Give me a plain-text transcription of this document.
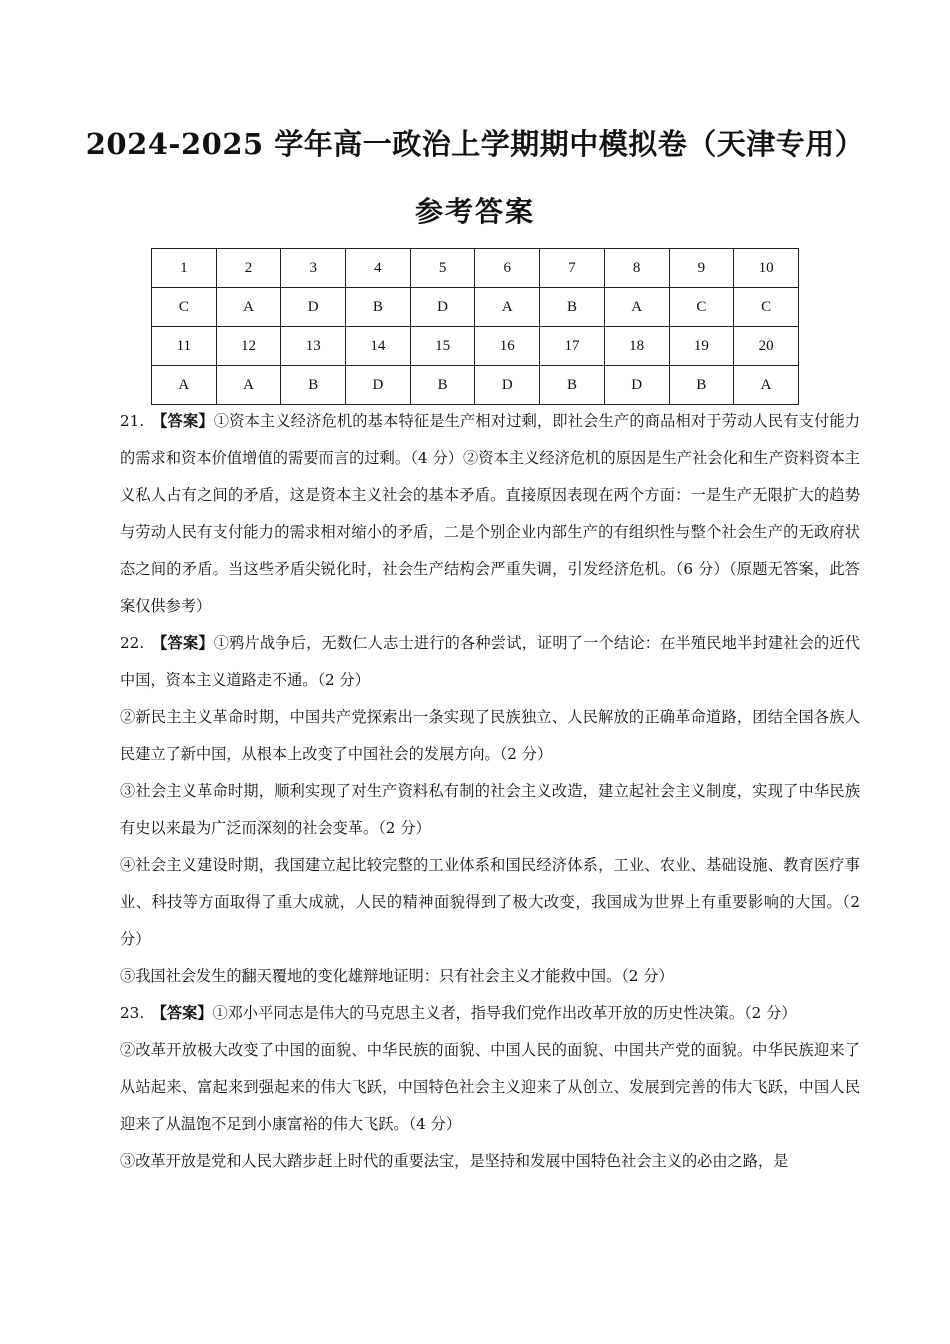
2024-2025 学年高一政治上学期期中模拟卷（天津专用）
参考答案
1	2	3	4	5	6	7	8	9	10
C	A	D	B	D	A	B	A	C	C
11	12	13	14	15	16	17	18	19	20
A	A	B	D	B	D	B	D	B	A

21.　【答案】①资本主义经济危机的基本特征是生产相对过剩，即社会生产的商品相对于劳动人民有支付能力的需求和资本价值增值的需要而言的过剩。（4 分）②资本主义经济危机的原因是生产社会化和生产资料资本主义私人占有之间的矛盾，这是资本主义社会的基本矛盾。直接原因表现在两个方面：一是生产无限扩大的趋势与劳动人民有支付能力的需求相对缩小的矛盾，二是个别企业内部生产的有组织性与整个社会生产的无政府状态之间的矛盾。当这些矛盾尖锐化时，社会生产结构会严重失调，引发经济危机。（6 分）（原题无答案，此答案仅供参考）

22.　【答案】①鸦片战争后，无数仁人志士进行的各种尝试，证明了一个结论：在半殖民地半封建社会的近代中国，资本主义道路走不通。（2 分）

②新民主主义革命时期，中国共产党探索出一条实现了民族独立、人民解放的正确革命道路，团结全国各族人民建立了新中国，从根本上改变了中国社会的发展方向。（2 分）

③社会主义革命时期，顺利实现了对生产资料私有制的社会主义改造，建立起社会主义制度，实现了中华民族有史以来最为广泛而深刻的社会变革。（2 分）

④社会主义建设时期，我国建立起比较完整的工业体系和国民经济体系，工业、农业、基础设施、教育医疗事业、科技等方面取得了重大成就，人民的精神面貌得到了极大改变，我国成为世界上有重要影响的大国。（2 分）

⑤我国社会发生的翻天覆地的变化雄辩地证明：只有社会主义才能救中国。（2 分）

23.　【答案】①邓小平同志是伟大的马克思主义者，指导我们党作出改革开放的历史性决策。（2 分）

②改革开放极大改变了中国的面貌、中华民族的面貌、中国人民的面貌、中国共产党的面貌。中华民族迎来了从站起来、富起来到强起来的伟大飞跃，中国特色社会主义迎来了从创立、发展到完善的伟大飞跃，中国人民迎来了从温饱不足到小康富裕的伟大飞跃。（4 分）

③改革开放是党和人民大踏步赶上时代的重要法宝，是坚持和发展中国特色社会主义的必由之路，是
